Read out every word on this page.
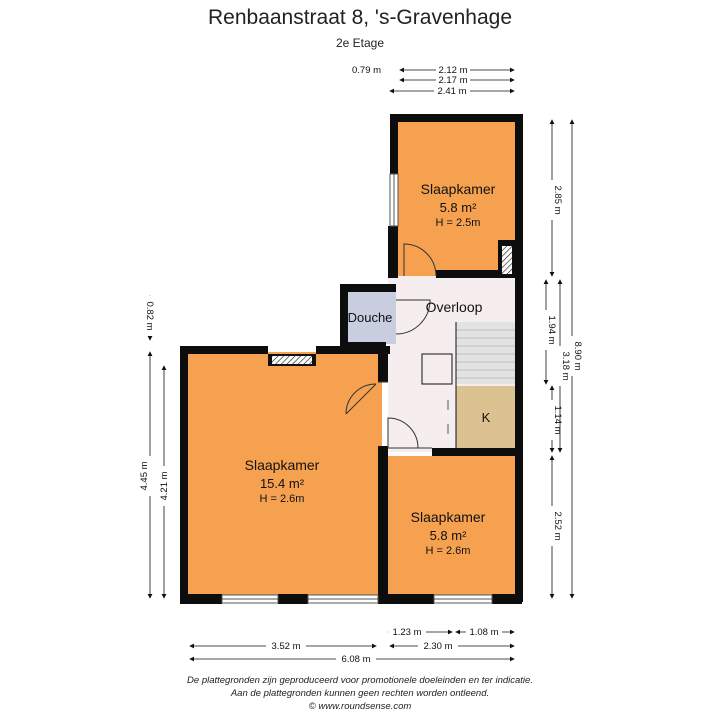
Renbaanstraat 8, 's-Gravenhage
2e Etage
Slaapkamer
5.8 m²
H = 2.5m
Overloop
Douche
K
Slaapkamer
15.4 m²
H = 2.6m
Slaapkamer
5.8 m²
H = 2.6m
0.79 m	2.12 m
2.17 m
2.41 m
2.85 m
1.94 m
3.18 m 8.90 m
1.14 m
2.52 m
0.82 m
4.45 m 4.21 m
1.23 m	1.08 m
3.52 m	2.30 m
6.08 m
De plattegronden zijn geproduceerd voor promotionele doeleinden en ter indicatie.
Aan de plattegronden kunnen geen rechten worden ontleend.
© www.roundsense.com
